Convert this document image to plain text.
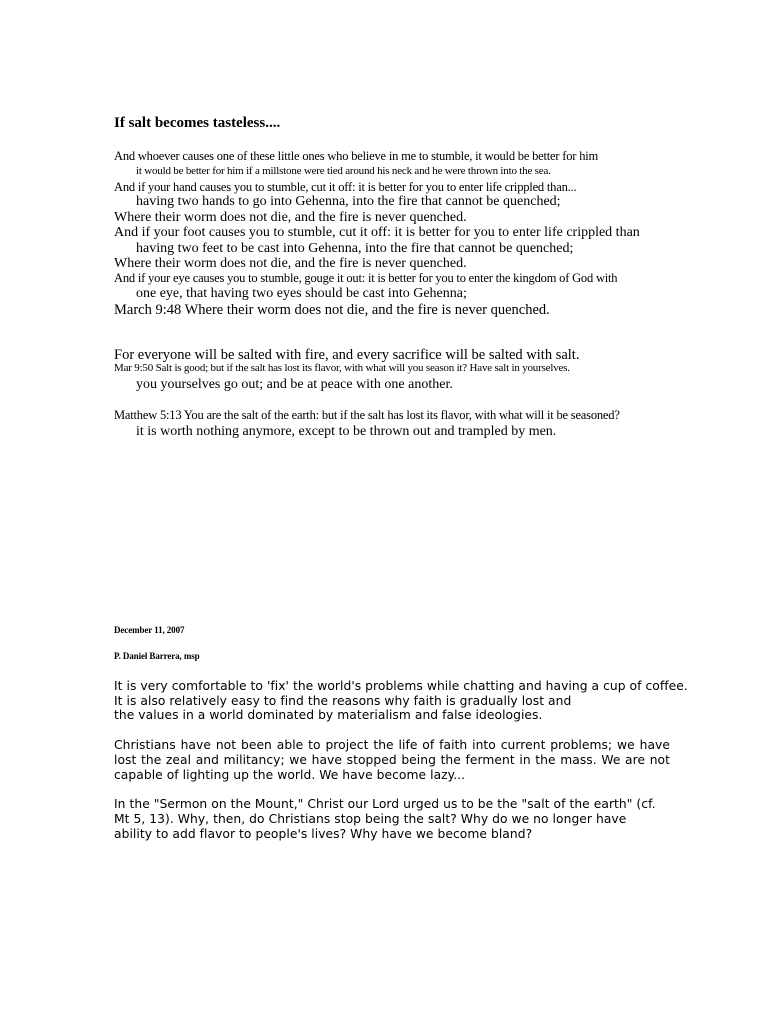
If salt becomes tasteless....

And whoever causes one of these little ones who believe in me to stumble, it would be better for him

it would be better for him if a millstone were tied around his neck and he were thrown into the sea.

And if your hand causes you to stumble, cut it off: it is better for you to enter life crippled than...

having two hands to go into Gehenna, into the fire that cannot be quenched;

Where their worm does not die, and the fire is never quenched.

And if your foot causes you to stumble, cut it off: it is better for you to enter life crippled than

having two feet to be cast into Gehenna, into the fire that cannot be quenched;

Where their worm does not die, and the fire is never quenched.

And if your eye causes you to stumble, gouge it out: it is better for you to enter the kingdom of God with

one eye, that having two eyes should be cast into Gehenna;

March 9:48 Where their worm does not die, and the fire is never quenched.

For everyone will be salted with fire, and every sacrifice will be salted with salt.

Mar 9:50 Salt is good; but if the salt has lost its flavor, with what will you season it? Have salt in yourselves.

you yourselves go out; and be at peace with one another.

Matthew 5:13 You are the salt of the earth: but if the salt has lost its flavor, with what will it be seasoned?

it is worth nothing anymore, except to be thrown out and trampled by men.

December 11, 2007

P. Daniel Barrera, msp

It is very comfortable to 'fix' the world's problems while chatting and having a cup of coffee.

It is also relatively easy to find the reasons why faith is gradually lost and

the values in a world dominated by materialism and false ideologies.

Christians have not been able to project the life of faith into current problems; we have lost the zeal and militancy; we have stopped being the ferment in the mass. We are not capable of lighting up the world. We have become lazy...

In the "Sermon on the Mount," Christ our Lord urged us to be the "salt of the earth" (cf.

Mt 5, 13). Why, then, do Christians stop being the salt? Why do we no longer have

ability to add flavor to people's lives? Why have we become bland?
